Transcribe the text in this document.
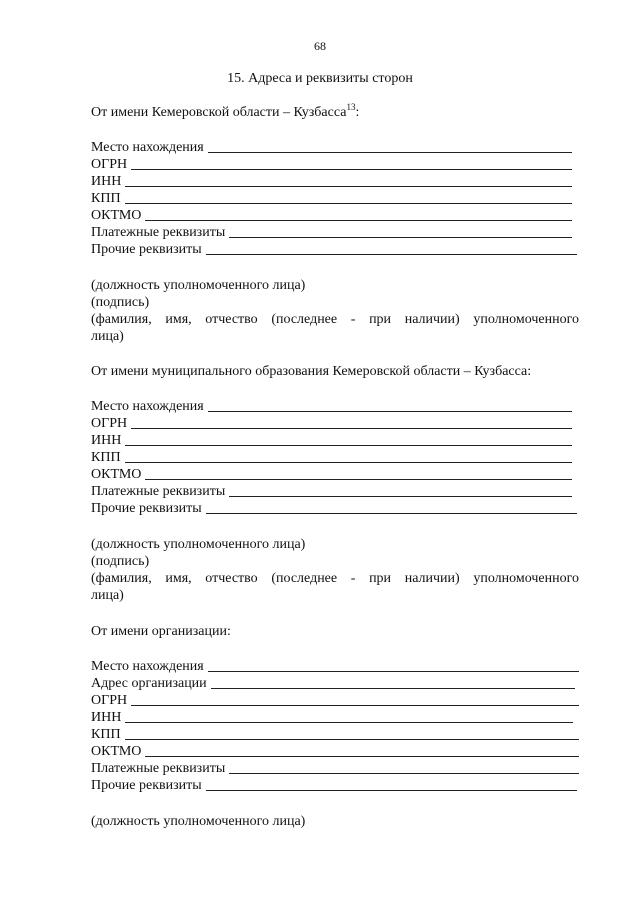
68
15. Адреса и реквизиты сторон
От имени Кемеровской области – Кузбасса$^{13}$:
Место нахождения
ОГРН
ИНН
КПП
ОКТМО
Платежные реквизиты
Прочие реквизиты

(должность уполномоченного лица)

(подпись)

(фамилия, имя, отчество (последнее - при наличии) уполномоченного

лица)

От имени муниципального образования Кемеровской области – Кузбасса:
Место нахождения
ОГРН
ИНН
КПП
ОКТМО
Платежные реквизиты
Прочие реквизиты

(должность уполномоченного лица)

(подпись)

(фамилия, имя, отчество (последнее - при наличии) уполномоченного

лица)

От имени организации:
Место нахождения
Адрес организации
ОГРН
ИНН
КПП
ОКТМО
Платежные реквизиты
Прочие реквизиты

(должность уполномоченного лица)
